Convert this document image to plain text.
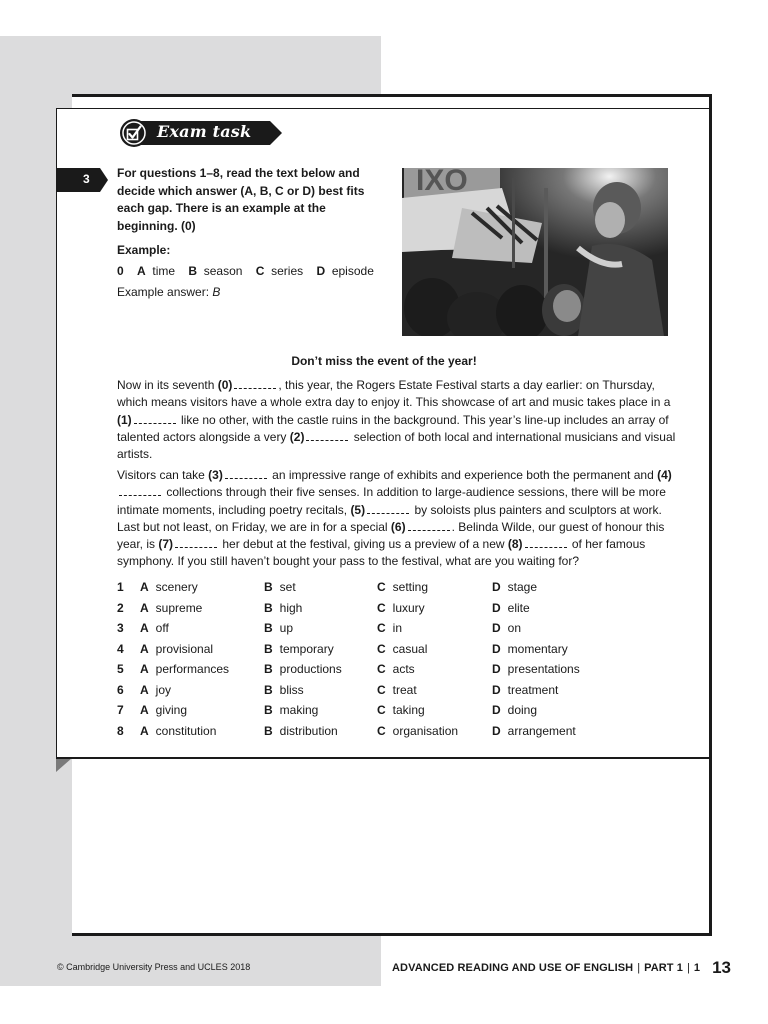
Exam task
3 For questions 1–8, read the text below and decide which answer (A, B, C or D) best fits each gap. There is an example at the beginning. (0)
Example:
0 A time B season C series D episode
Example answer: B
IXO
Don’t miss the event of the year!
Now in its seventh (0)	, this year, the Rogers Estate Festival starts a day earlier: on Thursday, which means visitors have a whole extra day to enjoy it. This showcase of art and music takes place in a (1)	like no other, with the castle ruins in the background. This year’s line-up includes an array of talented actors alongside a very (2)	selection of both local and international musicians and visual artists.
Visitors can take (3)	an impressive range of exhibits and experience both the permanent and (4) collections through their five senses. In addition to large-audience sessions, there will be more intimate moments, including poetry recitals, (5)	by soloists plus painters and sculptors at work. Last but not least, on Friday, we are in for a special (6)	. Belinda Wilde, our guest of honour this year, is (7)	her debut at the festival, giving us a preview of a new (8)	of her famous symphony. If you still haven’t bought your pass to the festival, what are you waiting for?
1 A scenery	B set	C setting	D stage
2 A supreme	B high	C luxury	D elite
3 A off	B up	C in	D on
4 A provisional	B temporary	C casual	D momentary
5 A performances	B productions	C acts	D presentations
6 A joy	B bliss	C treat	D treatment
7 A giving	B making	C taking	D doing
8 A constitution	B distribution	C organisation	D arrangement
© Cambridge University Press and UCLES 2018	ADVANCED READING AND USE OF ENGLISH | PART 1 | 1 13
